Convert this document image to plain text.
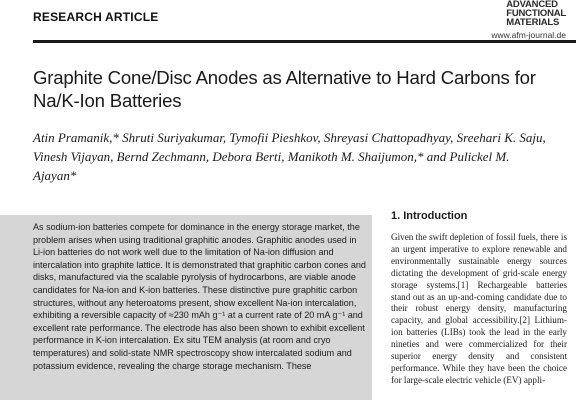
RESEARCH ARTICLE
ADVANCED
FUNCTIONAL
MATERIALS
www.afm-journal.de
Graphite Cone/Disc Anodes as Alternative to Hard Carbons for Na/K-Ion Batteries

Atin Pramanik,* Shruti Suriyakumar, Tymofii Pieshkov, Shreyasi Chattopadhyay, Sreehari K. Saju, Vinesh Vijayan, Bernd Zechmann, Debora Berti, Manikoth M. Shaijumon,* and Pulickel M. Ajayan*

As sodium-ion batteries compete for dominance in the energy storage market, the problem arises when using traditional graphitic anodes. Graphitic anodes used in Li-ion batteries do not work well due to the limitation of Na-ion diffusion and intercalation into graphite lattice. It is demonstrated that graphitic carbon cones and disks, manufactured via the scalable pyrolysis of hydrocarbons, are viable anode candidates for Na-ion and K-ion batteries. These distinctive pure graphitic carbon structures, without any heteroatoms present, show excellent Na-ion intercalation, exhibiting a reversible capacity of ≈230 mAh g⁻¹ at a current rate of 20 mA g⁻¹ and excellent rate performance. The electrode has also been shown to exhibit excellent performance in K-ion intercalation. Ex situ TEM analysis (at room and cryo temperatures) and solid-state NMR spectroscopy show intercalated sodium and potassium evidence, revealing the charge storage mechanism. These

1. Introduction

Given the swift depletion of fossil fuels, there is an urgent imperative to explore renewable and environmentally sustainable energy sources dictating the development of grid-scale energy storage systems.[1] Rechargeable batteries stand out as an up-and-coming candidate due to their robust energy density, manufacturing capacity, and global accessibility.[2] Lithium-ion batteries (LIBs) took the lead in the early nineties and were commercialized for their superior energy density and consistent performance. While they have been the choice for large-scale electric vehicle (EV) appli-
